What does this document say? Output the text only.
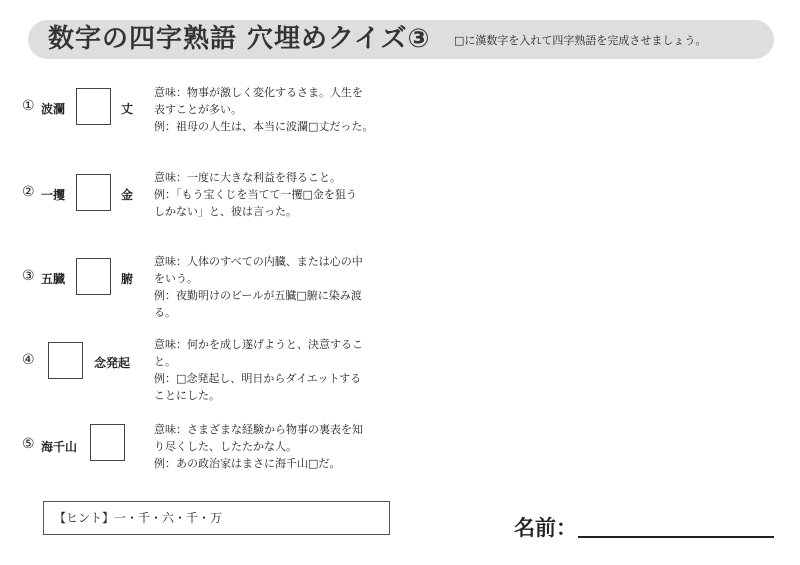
数字の四字熟語 穴埋めクイズ③ □に漢数字を入れて四字熟語を完成させましょう。
① 波瀾	丈
意味：物事が激しく変化するさま。人生を
表すことが多い。
例：祖母の人生は、本当に波瀾□丈だった。
② 一攫	金
意味：一度に大きな利益を得ること。
例：「もう宝くじを当てて一攫□金を狙う
しかない」と、彼は言った。
③ 五臓	腑
意味：人体のすべての内臓、または心の中
をいう。
例：夜勤明けのビールが五臓□腑に染み渡
る。
④	念発起
意味：何かを成し遂げようと、決意するこ
と。
例：□念発起し、明日からダイエットする
ことにした。
⑤ 海千山
意味：さまざまな経験から物事の裏表を知
り尽くした、したたかな人。
例：あの政治家はまさに海千山□だ。
【ヒント】一・千・六・千・万	名前：
